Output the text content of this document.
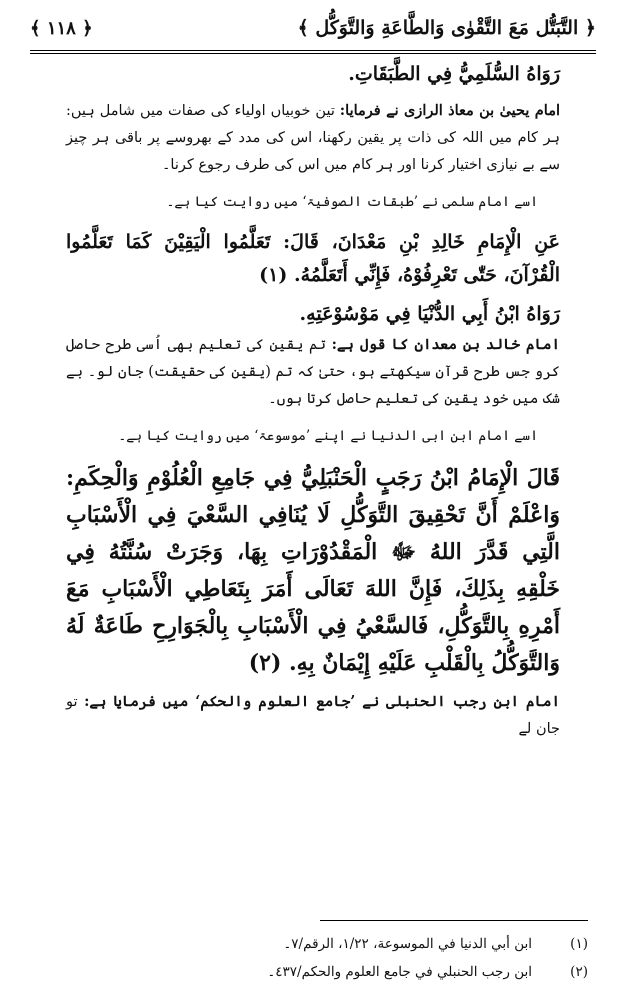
﴿ التَّبَتُّل مَعَ التَّقْوٰی وَالطَّاعَةِ وَالتَّوَکُّل ﴾
﴿ ١١٨ ﴾

رَوَاهُ السُّلَمِيُّ فِي الطَّبَقَاتِ.

امام یحییٰ بن معاذ الرازی نے فرمایا: تین خوبیاں اولیاء کی صفات میں شامل ہیں: ہر کام میں اللہ کی ذات پر یقین رکھنا، اس کی مدد کے بھروسے پر باقی ہر چیز سے بے نیازی اختیار کرنا اور ہر کام میں اس کی طرف رجوع کرنا۔

اسے امام سلمی نے ’طبقات الصوفیۃ‘ میں روایت کیا ہے۔

عَنِ الْإِمَامِ خَالِدِ بْنِ مَعْدَانَ، قَالَ: تَعَلَّمُوا الْيَقِيْنَ كَمَا تَعَلَّمُوا الْقُرْآنَ، حَتّٰى تَعْرِفُوْهُ، فَإِنِّي أَتَعَلَّمُهُ. (١)

رَوَاهُ ابْنُ أَبِي الدُّنْيَا فِي مَوْسُوْعَتِهِ.

امام خالد بن معدان کا قول ہے: تم یقین کی تعلیم بھی اُسی طرح حاصل کرو جس طرح قرآن سیکھتے ہو، حتیٰ کہ تم (یقین کی حقیقت) جان لو۔ بے شک میں خود یقین کی تعلیم حاصل کرتا ہوں۔

اسے امام ابن ابی الدنیا نے اپنے ’موسوعۃ‘ میں روایت کیا ہے۔

قَالَ الْإِمَامُ ابْنُ رَجَبٍ الْحَنْبَلِيُّ فِي جَامِعِ الْعُلُوْمِ وَالْحِكَمِ: وَاعْلَمْ أَنَّ تَحْقِيقَ التَّوَكُّلِ لَا يُنَافِي السَّعْيَ فِي الْأَسْبَابِ الَّتِي قَدَّرَ اللهُ ﷻ الْمَقْدُوْرَاتِ بِهَا، وَجَرَتْ سُنَّتُهُ فِي خَلْقِهِ بِذَلِكَ، فَإِنَّ اللهَ تَعَالَى أَمَرَ بِتَعَاطِي الْأَسْبَابِ مَعَ أَمْرِهِ بِالتَّوَكُّلِ، فَالسَّعْيُ فِي الْأَسْبَابِ بِالْجَوَارِحِ طَاعَةٌ لَهُ وَالتَّوَكُّلُ بِالْقَلْبِ عَلَيْهِ إِيْمَانٌ بِهِ. (٢)

امام ابن رجب الحنبلی نے ’جامع العلوم والحکم‘ میں فرمایا ہے: تو جان لے

(١)
ابن أبي الدنيا في الموسوعة، ١/٢٢، الرقم/٧۔
(٢)
ابن رجب الحنبلي في جامع العلوم والحكم/٤٣٧۔
